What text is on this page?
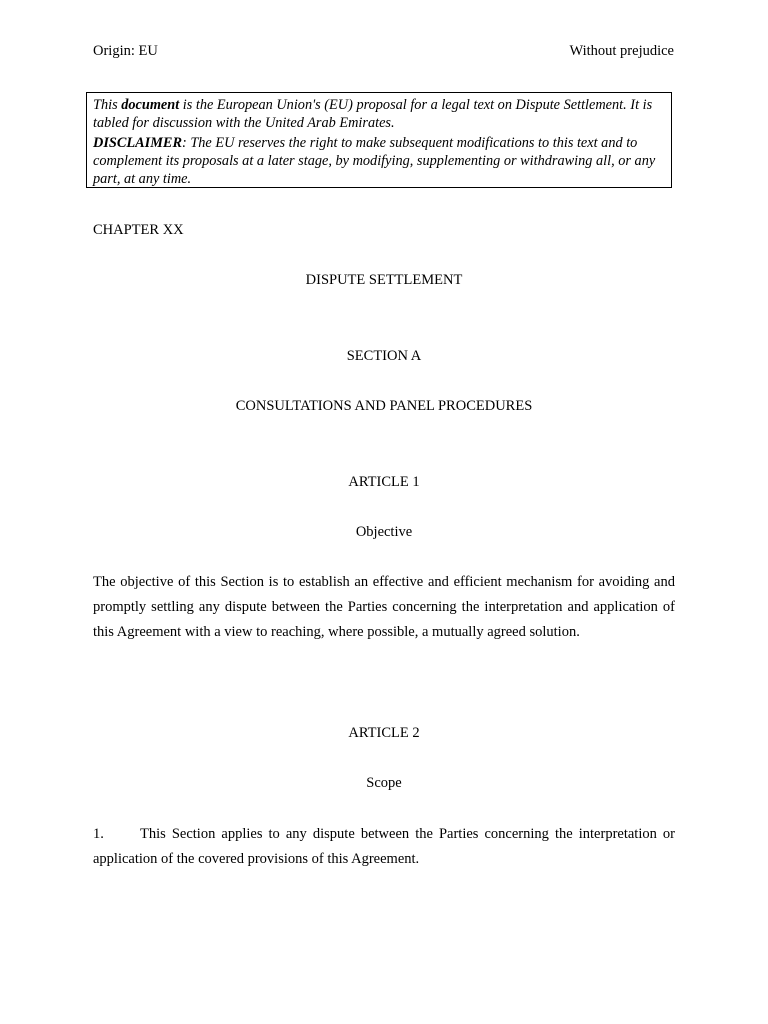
Origin: EU	Without prejudice

This document is the European Union's (EU) proposal for a legal text on Dispute Settlement. It is tabled for discussion with the United Arab Emirates.

DISCLAIMER: The EU reserves the right to make subsequent modifications to this text and to complement its proposals at a later stage, by modifying, supplementing or withdrawing all, or any part, at any time.

CHAPTER XX
DISPUTE SETTLEMENT
SECTION A
CONSULTATIONS AND PANEL PROCEDURES
ARTICLE 1
Objective
The objective of this Section is to establish an effective and efficient mechanism for avoiding and promptly settling any dispute between the Parties concerning the interpretation and application of this Agreement with a view to reaching, where possible, a mutually agreed solution.
ARTICLE 2
Scope
1. This Section applies to any dispute between the Parties concerning the interpretation or application of the covered provisions of this Agreement.
